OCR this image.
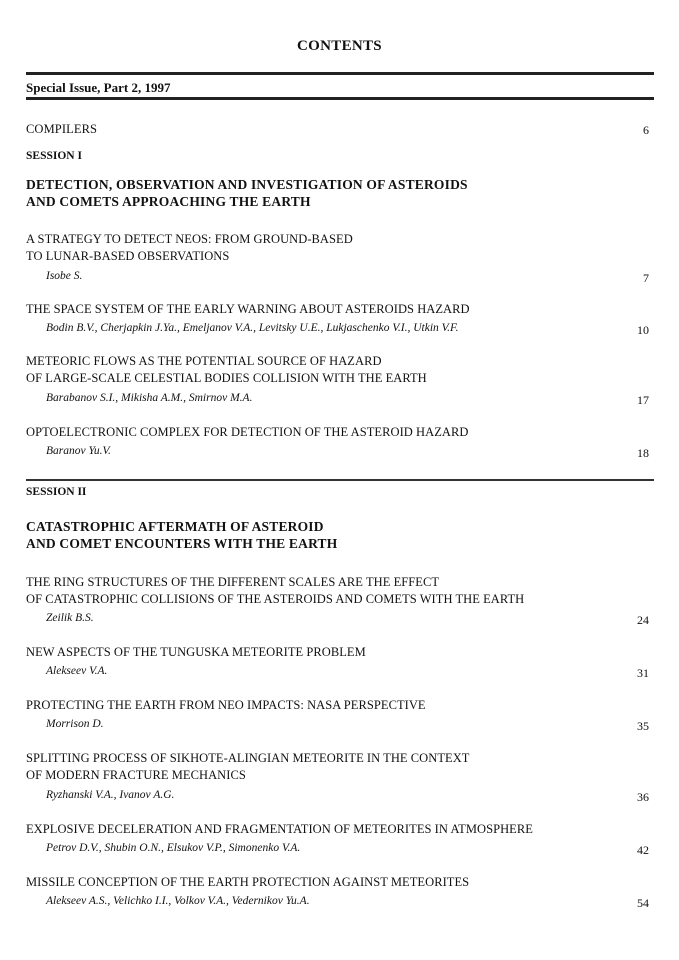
CONTENTS
Special Issue, Part 2, 1997
COMPILERS	6
SESSION I
DETECTION, OBSERVATION AND INVESTIGATION OF ASTEROIDS
AND COMETS APPROACHING THE EARTH
A STRATEGY TO DETECT NEOS: FROM GROUND-BASED
TO LUNAR-BASED OBSERVATIONS
Isobe S.	7
THE SPACE SYSTEM OF THE EARLY WARNING ABOUT ASTEROIDS HAZARD
Bodin B.V., Cherjapkin J.Ya., Emeljanov V.A., Levitsky U.E., Lukjaschenko V.I., Utkin V.F.	10
METEORIC FLOWS AS THE POTENTIAL SOURCE OF HAZARD
OF LARGE-SCALE CELESTIAL BODIES COLLISION WITH THE EARTH
Barabanov S.I., Mikisha A.M., Smirnov M.A.	17
OPTOELECTRONIC COMPLEX FOR DETECTION OF THE ASTEROID HAZARD
Baranov Yu.V.	18
SESSION II
CATASTROPHIC AFTERMATH OF ASTEROID
AND COMET ENCOUNTERS WITH THE EARTH
THE RING STRUCTURES OF THE DIFFERENT SCALES ARE THE EFFECT
OF CATASTROPHIC COLLISIONS OF THE ASTEROIDS AND COMETS WITH THE EARTH
Zeilik B.S.	24
NEW ASPECTS OF THE TUNGUSKA METEORITE PROBLEM
Alekseev V.A.	31
PROTECTING THE EARTH FROM NEO IMPACTS: NASA PERSPECTIVE
Morrison D.	35
SPLITTING PROCESS OF SIKHOTE-ALINGIAN METEORITE IN THE CONTEXT
OF MODERN FRACTURE MECHANICS
Ryzhanski V.A., Ivanov A.G.	36
EXPLOSIVE DECELERATION AND FRAGMENTATION OF METEORITES IN ATMOSPHERE
Petrov D.V., Shubin O.N., Elsukov V.P., Simonenko V.A.	42
MISSILE CONCEPTION OF THE EARTH PROTECTION AGAINST METEORITES
Alekseev A.S., Velichko I.I., Volkov V.A., Vedernikov Yu.A.	54
